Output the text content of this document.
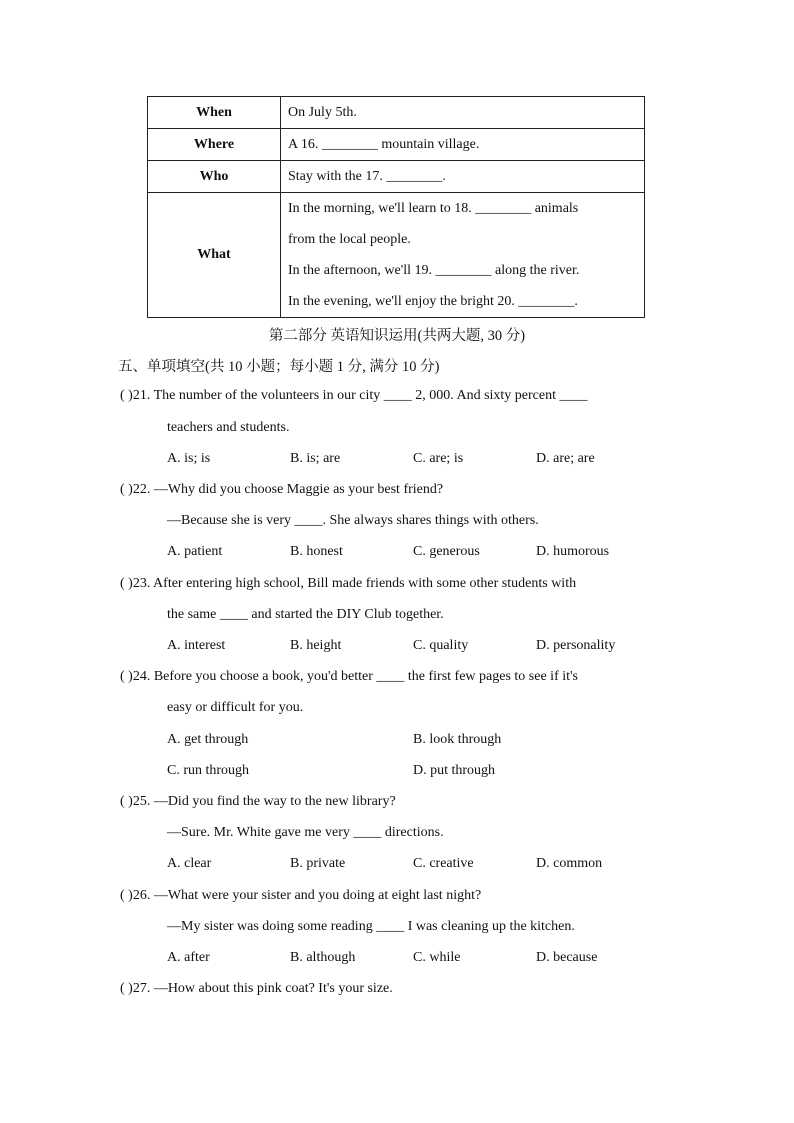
When	On July 5th.
Where	A 16. ________ mountain village.
Who	Stay with the 17. ________.
What	In the morning, we'll learn to 18. ________ animals
from the local people.
In the afternoon, we'll 19. ________ along the river.
In the evening, we'll enjoy the bright 20. ________.
第二部分 英语知识运用(共两大题, 30 分)
五、单项填空(共 10 小题；每小题 1 分, 满分 10 分)
( )21. The number of the volunteers in our city ____ 2, 000. And sixty percent ____
teachers and students.
A. is; is	B. is; are	C. are; is	D. are; are
( )22. —Why did you choose Maggie as your best friend?
—Because she is very ____. She always shares things with others.
A. patient	B. honest	C. generous	D. humorous
( )23. After entering high school, Bill made friends with some other students with
the same ____ and started the DIY Club together.
A. interest	B. height	C. quality	D. personality
( )24. Before you choose a book, you'd better ____ the first few pages to see if it's
easy or difficult for you.
A. get through	B. look through
C. run through	D. put through
( )25. —Did you find the way to the new library?
—Sure. Mr. White gave me very ____ directions.
A. clear	B. private	C. creative	D. common
( )26. —What were your sister and you doing at eight last night?
—My sister was doing some reading ____ I was cleaning up the kitchen.
A. after	B. although	C. while	D. because
( )27. —How about this pink coat? It's your size.
